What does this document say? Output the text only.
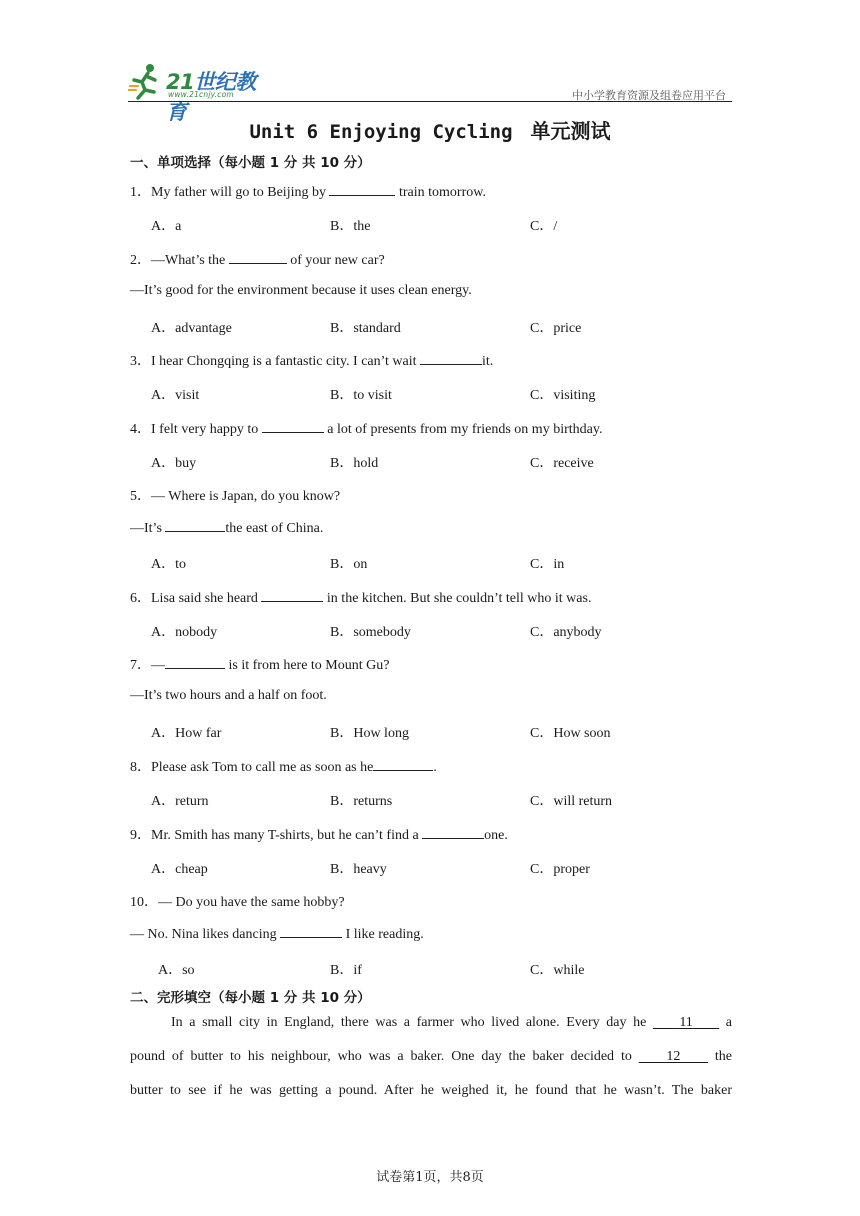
21世纪教育
www.21cnjy.com	中小学教育资源及组卷应用平台
Unit 6 Enjoying Cycling 单元测试
一、单项选择（每小题 1 分 共 10 分）
1．My father will go to Beijing by	train tomorrow.
A．a	B．the	C．/
2．—What’s the	of your new car?
—It’s good for the environment because it uses clean energy.
A．advantage	B．standard	C．price
3．I hear Chongqing is a fantastic city. I can’t wait	it.
A．visit	B．to visit	C．visiting
4．I felt very happy to	a lot of presents from my friends on my birthday.
A．buy	B．hold	C．receive
5．— Where is Japan, do you know?
—It’s	the east of China.
A．to	B．on	C．in
6．Lisa said she heard	in the kitchen. But she couldn’t tell who it was.
A．nobody	B．somebody	C．anybody
7．—	is it from here to Mount Gu?
—It’s two hours and a half on foot.
A．How far	B．How long	C．How soon
8．Please ask Tom to call me as soon as he	.
A．return	B．returns	C．will return
9．Mr. Smith has many T-shirts, but he can’t find a	one.
A．cheap	B．heavy	C．proper
10．— Do you have the same hobby?
— No. Nina likes dancing	I like reading.
A．so	B．if	C．while
二、完形填空（每小题 1 分 共 10 分）
In a small city in England, there was a farmer who lived alone. Every day he     11     a
pound of butter to his neighbour, who was a baker. One day the baker decided to     12     the
butter to see if he was getting a pound. After he weighed it, he found that he wasn’t. The baker
试卷第1页，共8页
